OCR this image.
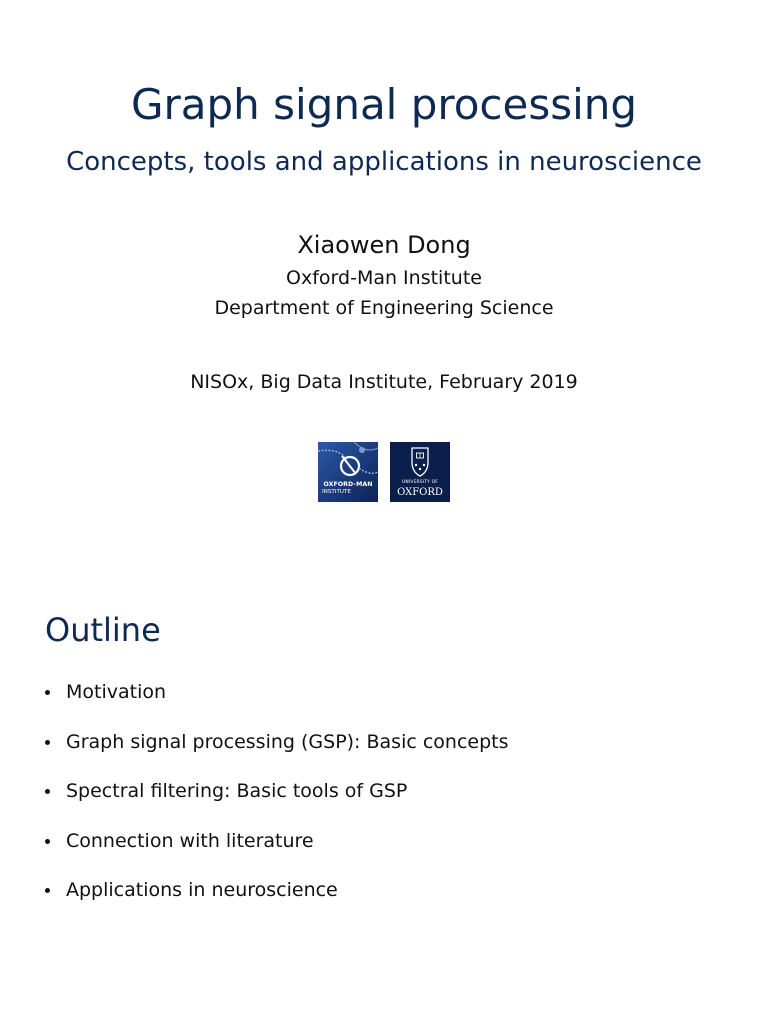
Graph signal processing
Concepts, tools and applications in neuroscience
Xiaowen Dong
Oxford-Man Institute
Department of Engineering Science
NISOx, Big Data Institute, February 2019
OXFORD-MAN
INSTITUTE
UNIVERSITY OF
OXFORD
Outline
Motivation
Graph signal processing (GSP): Basic concepts
Spectral filtering: Basic tools of GSP
Connection with literature
Applications in neuroscience
